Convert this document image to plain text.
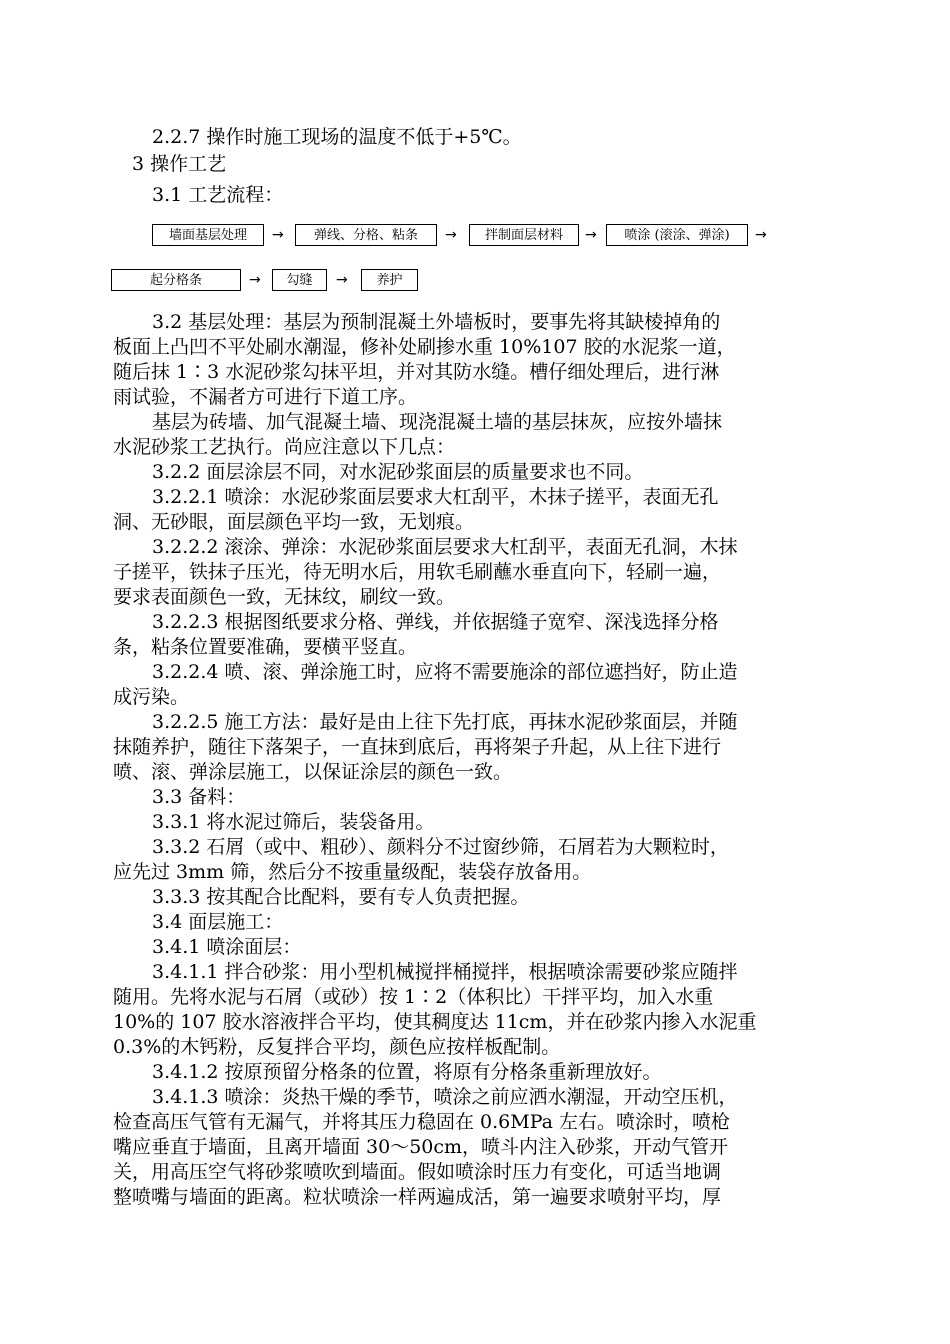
墙面基层处理	→	弹线、分格、粘条	→	拌制面层材料	→	喷涂 (滚涂、弹涂)	→
起分格条	→	勾缝	→	养护
2.2.7 操作时施工现场的温度不低于+5℃。
3 操作工艺
3.1 工艺流程：
3.2 基层处理：基层为预制混凝土外墙板时，要事先将其缺棱掉角的
板面上凸凹不平处刷水潮湿，修补处刷掺水重 10%107 胶的水泥浆一道，
随后抹 1∶3 水泥砂浆勾抹平坦，并对其防水缝。槽仔细处理后，进行淋
雨试验，不漏者方可进行下道工序。
基层为砖墙、加气混凝土墙、现浇混凝土墙的基层抹灰，应按外墙抹
水泥砂浆工艺执行。尚应注意以下几点：
3.2.2 面层涂层不同，对水泥砂浆面层的质量要求也不同。
3.2.2.1 喷涂：水泥砂浆面层要求大杠刮平，木抹子搓平，表面无孔
洞、无砂眼，面层颜色平均一致，无划痕。
3.2.2.2 滚涂、弹涂：水泥砂浆面层要求大杠刮平，表面无孔洞，木抹
子搓平，铁抹子压光，待无明水后，用软毛刷蘸水垂直向下，轻刷一遍，
要求表面颜色一致，无抹纹，刷纹一致。
3.2.2.3 根据图纸要求分格、弹线，并依据缝子宽窄、深浅选择分格
条，粘条位置要准确，要横平竖直。
3.2.2.4 喷、滚、弹涂施工时，应将不需要施涂的部位遮挡好，防止造
成污染。
3.2.2.5 施工方法：最好是由上往下先打底，再抹水泥砂浆面层，并随
抹随养护，随往下落架子，一直抹到底后，再将架子升起，从上往下进行
喷、滚、弹涂层施工，以保证涂层的颜色一致。
3.3 备料：
3.3.1 将水泥过筛后，装袋备用。
3.3.2 石屑（或中、粗砂）、颜料分不过窗纱筛，石屑若为大颗粒时，
应先过 3mm 筛，然后分不按重量级配，装袋存放备用。
3.3.3 按其配合比配料，要有专人负责把握。
3.4 面层施工：
3.4.1 喷涂面层：
3.4.1.1 拌合砂浆：用小型机械搅拌桶搅拌，根据喷涂需要砂浆应随拌
随用。先将水泥与石屑（或砂）按 1∶2（体积比）干拌平均，加入水重
10%的 107 胶水溶液拌合平均，使其稠度达 11cm，并在砂浆内掺入水泥重
0.3%的木钙粉，反复拌合平均，颜色应按样板配制。
3.4.1.2 按原预留分格条的位置，将原有分格条重新理放好。
3.4.1.3 喷涂：炎热干燥的季节，喷涂之前应洒水潮湿，开动空压机，
检查高压气管有无漏气，并将其压力稳固在 0.6MPa 左右。喷涂时，喷枪
嘴应垂直于墙面，且离开墙面 30～50cm，喷斗内注入砂浆，开动气管开
关，用高压空气将砂浆喷吹到墙面。假如喷涂时压力有变化，可适当地调
整喷嘴与墙面的距离。粒状喷涂一样两遍成活，第一遍要求喷射平均，厚
